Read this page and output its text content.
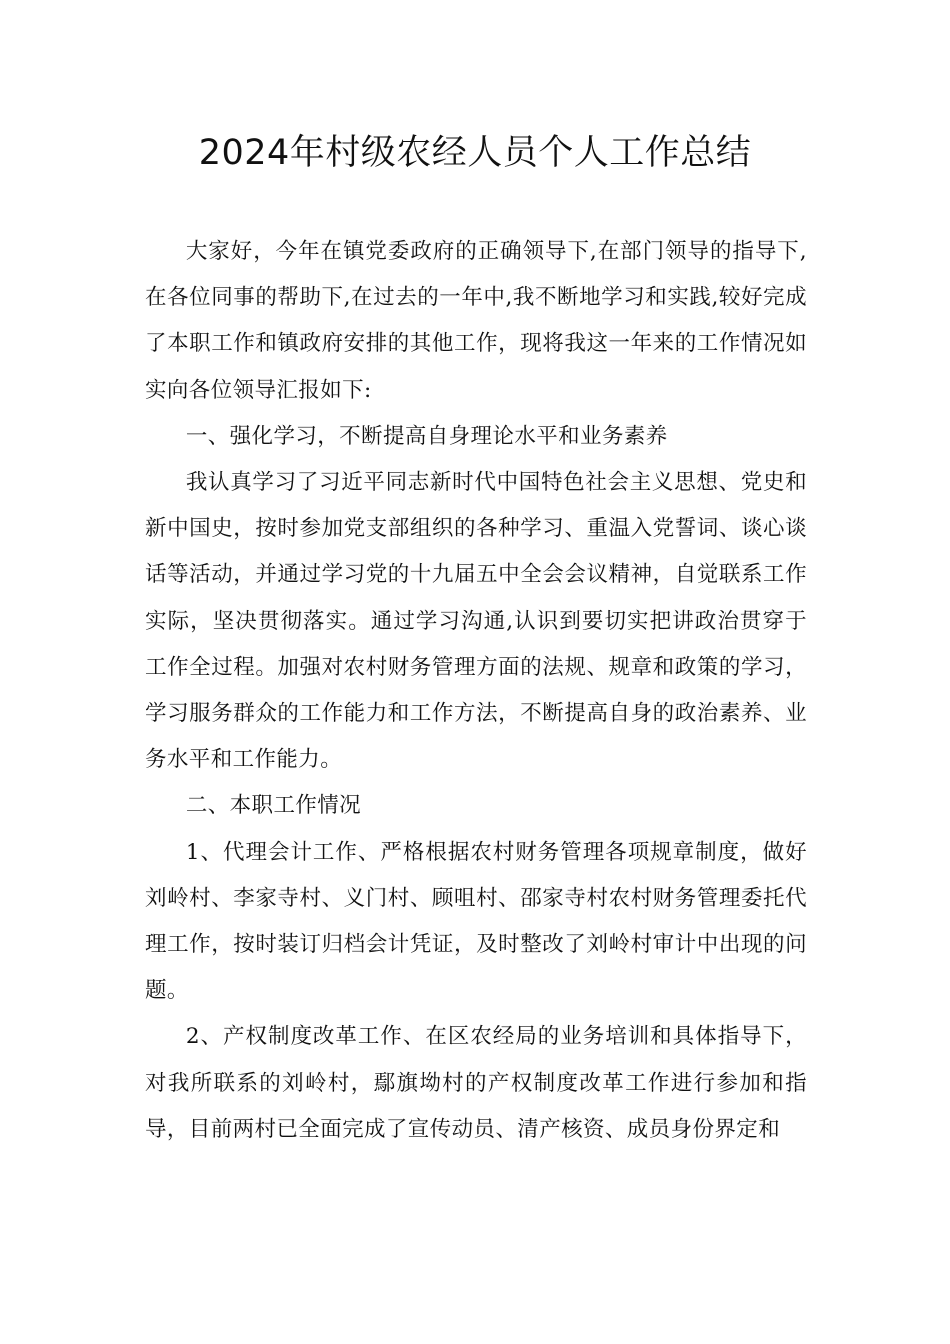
2024年村级农经人员个人工作总结

大家好，今年在镇党委政府的正确领导下,在部门领导的指导下,在各位同事的帮助下,在过去的一年中,我不断地学习和实践,较好完成了本职工作和镇政府安排的其他工作，现将我这一年来的工作情况如实向各位领导汇报如下:

一、强化学习，不断提高自身理论水平和业务素养

我认真学习了习近平同志新时代中国特色社会主义思想、党史和新中国史，按时参加党支部组织的各种学习、重温入党誓词、谈心谈话等活动，并通过学习党的十九届五中全会会议精神，自觉联系工作实际，坚决贯彻落实。通过学习沟通,认识到要切实把讲政治贯穿于工作全过程。加强对农村财务管理方面的法规、规章和政策的学习，学习服务群众的工作能力和工作方法，不断提高自身的政治素养、业务水平和工作能力。

二、本职工作情况

1、代理会计工作、严格根据农村财务管理各项规章制度，做好刘岭村、李家寺村、义门村、顾咀村、邵家寺村农村财务管理委托代理工作，按时装订归档会计凭证，及时整改了刘岭村审计中出现的问题。

2、产权制度改革工作、在区农经局的业务培训和具体指导下，对我所联系的刘岭村，鄢旗坳村的产权制度改革工作进行参加和指导，目前两村已全面完成了宣传动员、清产核资、成员身份界定和
